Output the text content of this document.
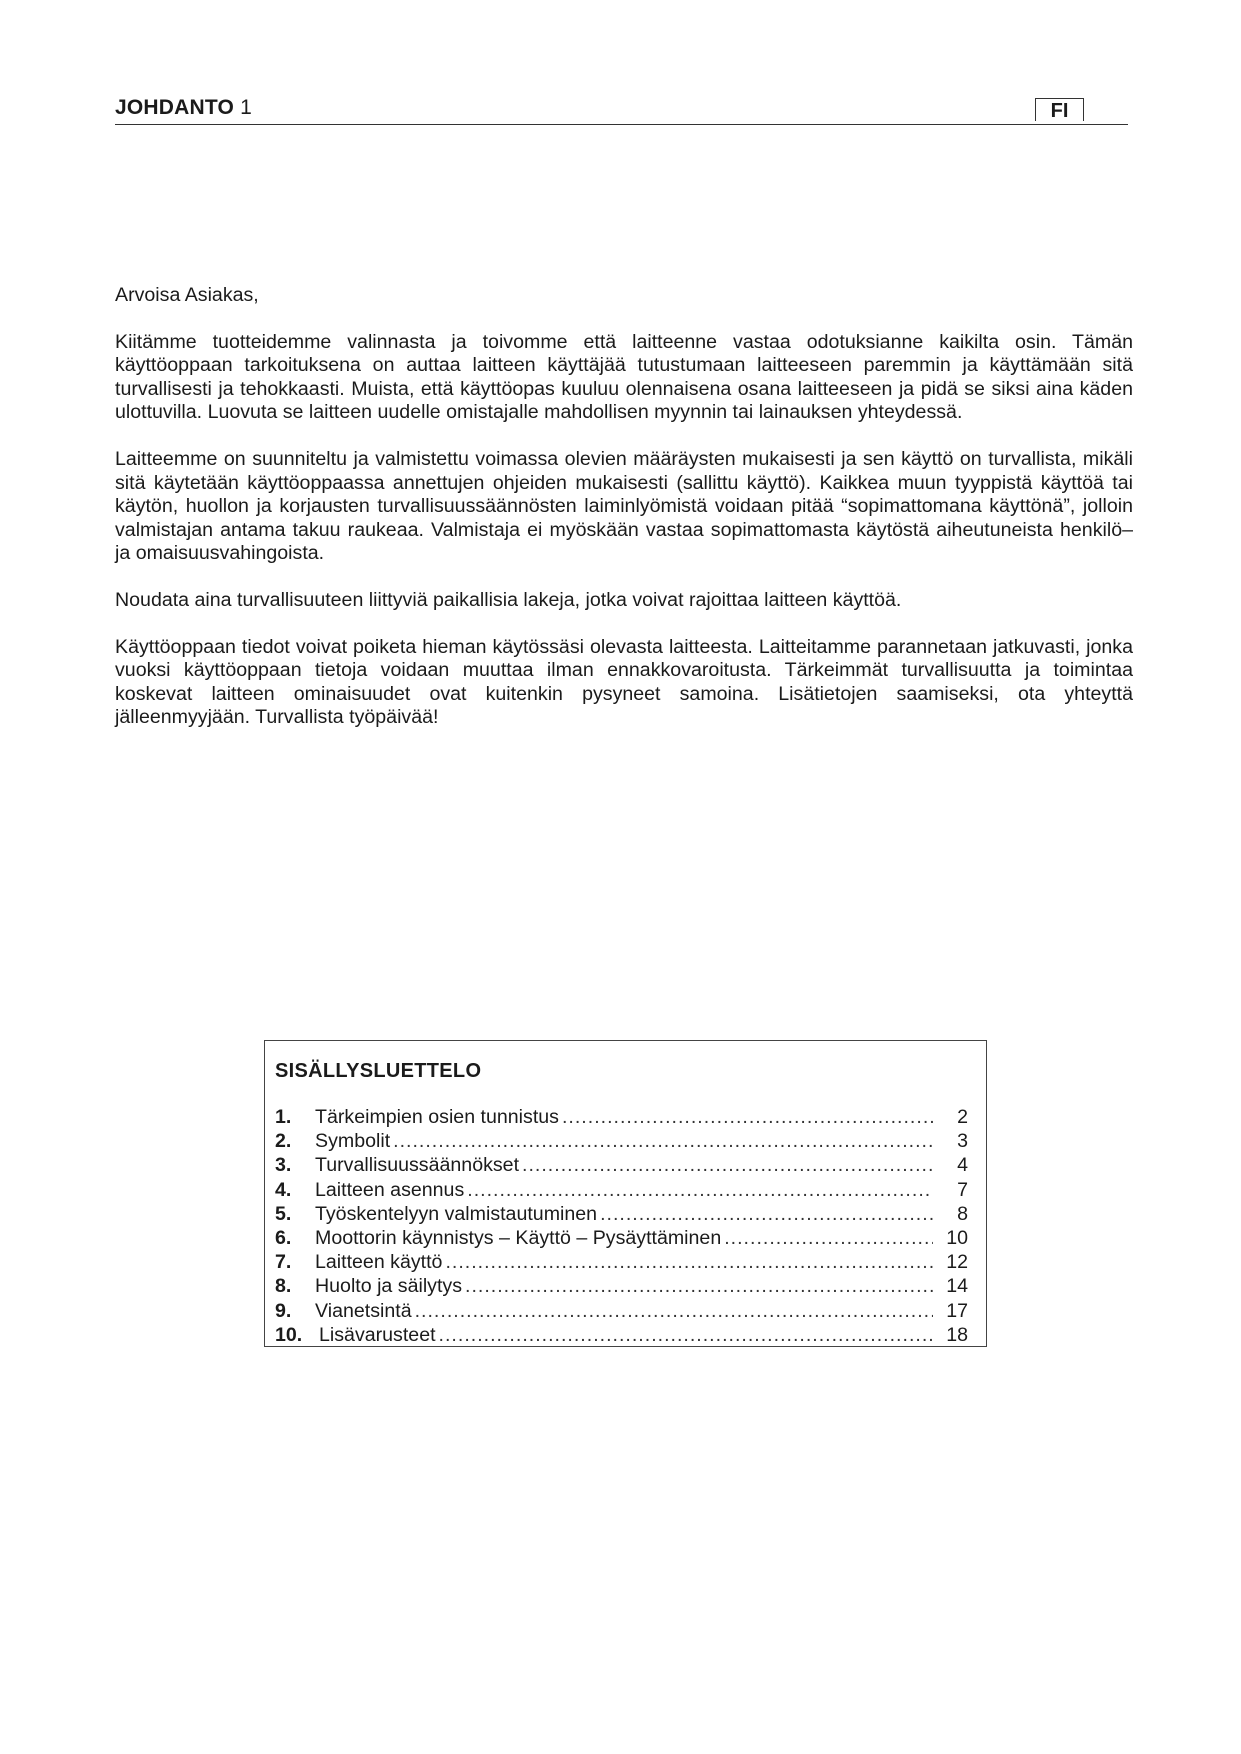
JOHDANTO 1	FI

Arvoisa Asiakas,

Kiitämme tuotteidemme valinnasta ja toivomme että laitteenne vastaa odotuksianne kaikilta osin. Tämän käyttöoppaan tarkoituksena on auttaa laitteen käyttäjää tutustumaan laitteeseen paremmin ja käyttämään sitä turvallisesti ja tehokkaasti. Muista, että käyttöopas kuuluu olennaisena osana laitteeseen ja pidä se siksi aina käden ulottuvilla. Luovuta se laitteen uudelle omistajalle mahdollisen myynnin tai lainauksen yhteydessä.

Laitteemme on suunniteltu ja valmistettu voimassa olevien määräysten mukaisesti ja sen käyttö on turvallista, mikäli sitä käytetään käyttöoppaassa annettujen ohjeiden mukaisesti (sallittu käyttö). Kaikkea muun tyyppistä käyttöä tai käytön, huollon ja korjausten turvallisuussäännösten laiminlyömistä voidaan pitää “sopimattomana käyttönä”, jolloin valmistajan antama takuu raukeaa. Valmistaja ei myöskään vastaa sopimattomasta käytöstä aiheutuneista henkilö– ja omaisuusvahingoista.

Noudata aina turvallisuuteen liittyviä paikallisia lakeja, jotka voivat rajoittaa laitteen käyttöä.

Käyttöoppaan tiedot voivat poiketa hieman käytössäsi olevasta laitteesta. Laitteitamme parannetaan jatkuvasti, jonka vuoksi käyttöoppaan tietoja voidaan muuttaa ilman ennakkovaroitusta. Tärkeimmät turvallisuutta ja toimintaa koskevat laitteen ominaisuudet ovat kuitenkin pysyneet samoina. Lisätietojen saamiseksi, ota yhteyttä jälleenmyyjään. Turvallista työpäivää!

SISÄLLYSLUETTELO
1.	Tärkeimpien osien tunnistus .....	2
2.	Symbolit .....	3
3.	Turvallisuussäännökset .....	4
4.	Laitteen asennus .....	7
5.	Työskentelyyn valmistautuminen .....	8
6.	Moottorin käynnistys – Käyttö – Pysäyttäminen .....	10
7.	Laitteen käyttö .....	12
8.	Huolto ja säilytys .....	14
9.	Vianetsintä .....	17
10. Lisävarusteet .....	18
